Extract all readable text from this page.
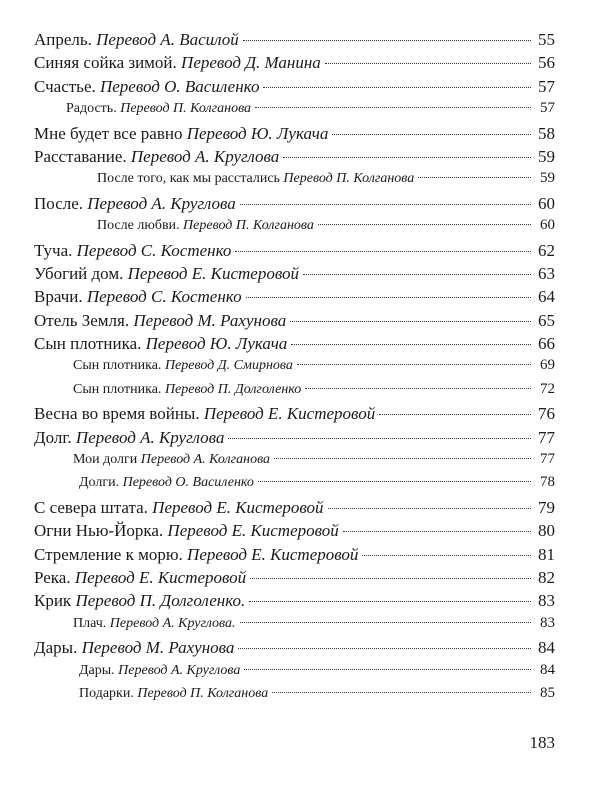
Апрель. Перевод А. Василой	55
Синяя сойка зимой. Перевод Д. Манина	56
Счастье. Перевод О. Василенко	57
Радость. Перевод П. Колганова	57
Мне будет все равно Перевод Ю. Лукача	58
Расставание. Перевод А. Круглова	59
После того, как мы расстались Перевод П. Колганова	59
После. Перевод А. Круглова	60
После любви. Перевод П. Колганова	60
Туча. Перевод С. Костенко	62
Убогий дом. Перевод Е. Кистеровой	63
Врачи. Перевод С. Костенко	64
Отель Земля. Перевод М. Рахунова	65
Сын плотника. Перевод Ю. Лукача	66
Сын плотника. Перевод Д. Смирнова	69
Сын плотника. Перевод П. Долголенко	72
Весна во время войны. Перевод Е. Кистеровой	76
Долг. Перевод А. Круглова	77
Мои долги Перевод А. Колганова	77
Долги. Перевод О. Василенко	78
С севера штата. Перевод Е. Кистеровой	79
Огни Нью-Йорка. Перевод Е. Кистеровой	80
Стремление к морю. Перевод Е. Кистеровой	81
Река. Перевод Е. Кистеровой	82
Крик Перевод П. Долголенко.	83
Плач. Перевод А. Круглова.	83
Дары. Перевод М. Рахунова	84
Дары. Перевод А. Круглова	84
Подарки. Перевод П. Колганова	85
183
